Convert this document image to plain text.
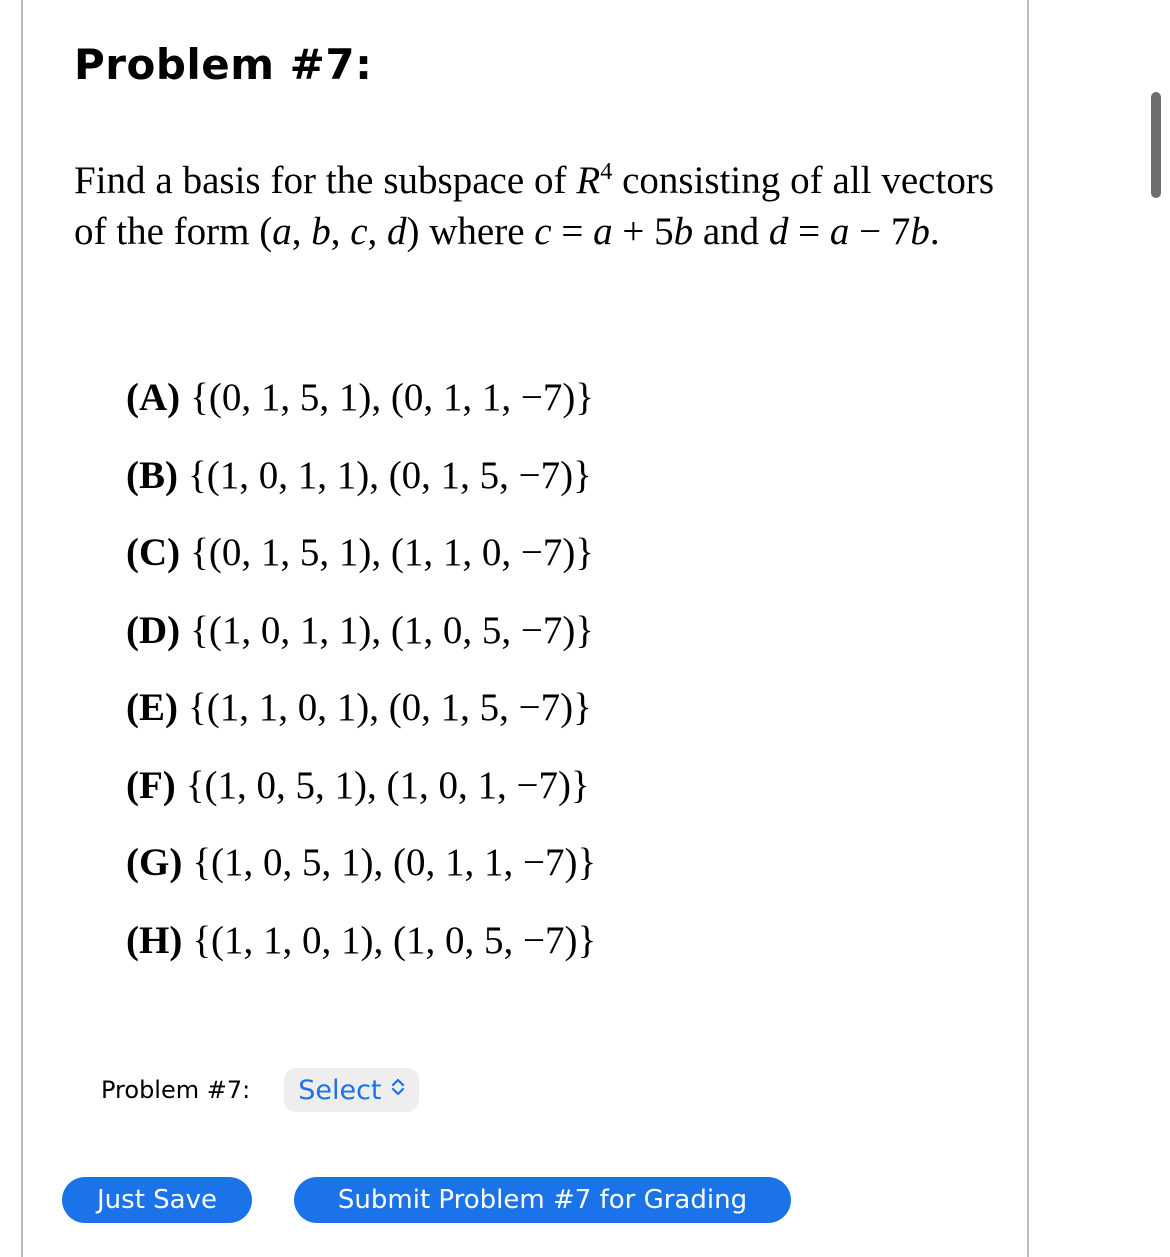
Problem #7:

Find a basis for the subspace of $R^4$ consisting of all vectors of the form (a, b, c, d) where c = a + 5b and d = a − 7b.

(A) {(0, 1, 5, 1), (0, 1, 1, −7)}
(B) {(1, 0, 1, 1), (0, 1, 5, −7)}
(C) {(0, 1, 5, 1), (1, 1, 0, −7)}
(D) {(1, 0, 1, 1), (1, 0, 5, −7)}
(E) {(1, 1, 0, 1), (0, 1, 5, −7)}
(F) {(1, 0, 5, 1), (1, 0, 1, −7)}
(G) {(1, 0, 5, 1), (0, 1, 1, −7)}
(H) {(1, 1, 0, 1), (1, 0, 5, −7)}
Problem #7: Select
Just Save	Submit Problem #7 for Grading
